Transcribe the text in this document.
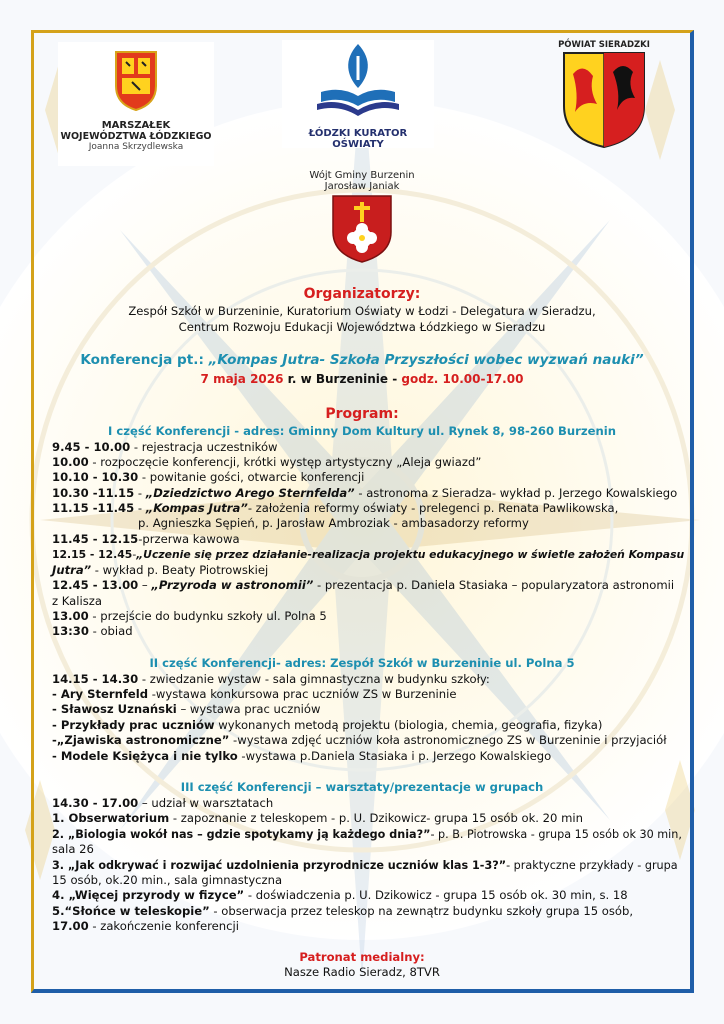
MARSZAŁEK
WOJEWÓDZTWA ŁÓDZKIEGO
Joanna Skrzydlewska
ŁÓDZKI KURATOR OŚWIATY
PÓWIAT SIERADZKI
Wójt Gminy Burzenin
Jarosław Janiak
Organizatorzy:
Zespół Szkół w Burzeninie, Kuratorium Oświaty w Łodzi - Delegatura w Sieradzu,
Centrum Rozwoju Edukacji Województwa Łódzkiego w Sieradzu
Konferencja pt.: „Kompas Jutra- Szkoła Przyszłości wobec wyzwań nauki”
7 maja 2026 r. w Burzeninie - godz. 10.00-17.00
Program:
I część Konferencji - adres: Gminny Dom Kultury ul. Rynek 8, 98-260 Burzenin
9.45 - 10.00 - rejestracja uczestników
10.00 - rozpoczęcie konferencji, krótki występ artystyczny „Aleja gwiazd”
10.10 - 10.30 - powitanie gości, otwarcie konferencji
10.30 -11.15 - „Dziedzictwo Arego Sternfelda” - astronoma z Sieradza- wykład p. Jerzego Kowalskiego
11.15 -11.45 - „Kompas Jutra”- założenia reformy oświaty - prelegenci p. Renata Pawlikowska,
p. Agnieszka Sępień, p. Jarosław Ambroziak - ambasadorzy reformy
11.45 - 12.15-przerwa kawowa
12.15 - 12.45-„Uczenie się przez działanie-realizacja projektu edukacyjnego w świetle założeń Kompasu
Jutra” - wykład p. Beaty Piotrowskiej
12.45 - 13.00 – „Przyroda w astronomii” - prezentacja p. Daniela Stasiaka – popularyzatora astronomii
z Kalisza
13.00 - przejście do budynku szkoły ul. Polna 5
13:30 - obiad
II część Konferencji- adres: Zespół Szkół w Burzeninie ul. Polna 5
14.15 - 14.30 - zwiedzanie wystaw - sala gimnastyczna w budynku szkoły:
- Ary Sternfeld -wystawa konkursowa prac uczniów ZS w Burzeninie
- Sławosz Uznański – wystawa prac uczniów
- Przykłady prac uczniów wykonanych metodą projektu (biologia, chemia, geografia, fizyka)
-„Zjawiska astronomiczne” -wystawa zdjęć uczniów koła astronomicznego ZS w Burzeninie i przyjaciół
- Modele Księżyca i nie tylko -wystawa p.Daniela Stasiaka i p. Jerzego Kowalskiego
III część Konferencji – warsztaty/prezentacje w grupach
14.30 - 17.00 – udział w warsztatach
1. Obserwatorium - zapoznanie z teleskopem - p. U. Dzikowicz- grupa 15 osób ok. 20 min
2. „Biologia wokół nas – gdzie spotykamy ją każdego dnia?”- p. B. Piotrowska - grupa 15 osób ok 30 min,
sala 26
3. „Jak odkrywać i rozwijać uzdolnienia przyrodnicze uczniów klas 1-3?”- praktyczne przykłady - grupa
15 osób, ok.20 min., sala gimnastyczna
4. „Więcej przyrody w fizyce” - doświadczenia p. U. Dzikowicz - grupa 15 osób ok. 30 min, s. 18
5.“Słońce w teleskopie” - obserwacja przez teleskop na zewnątrz budynku szkoły grupa 15 osób,
17.00 - zakończenie konferencji
Patronat medialny:
Nasze Radio Sieradz, 8TVR
